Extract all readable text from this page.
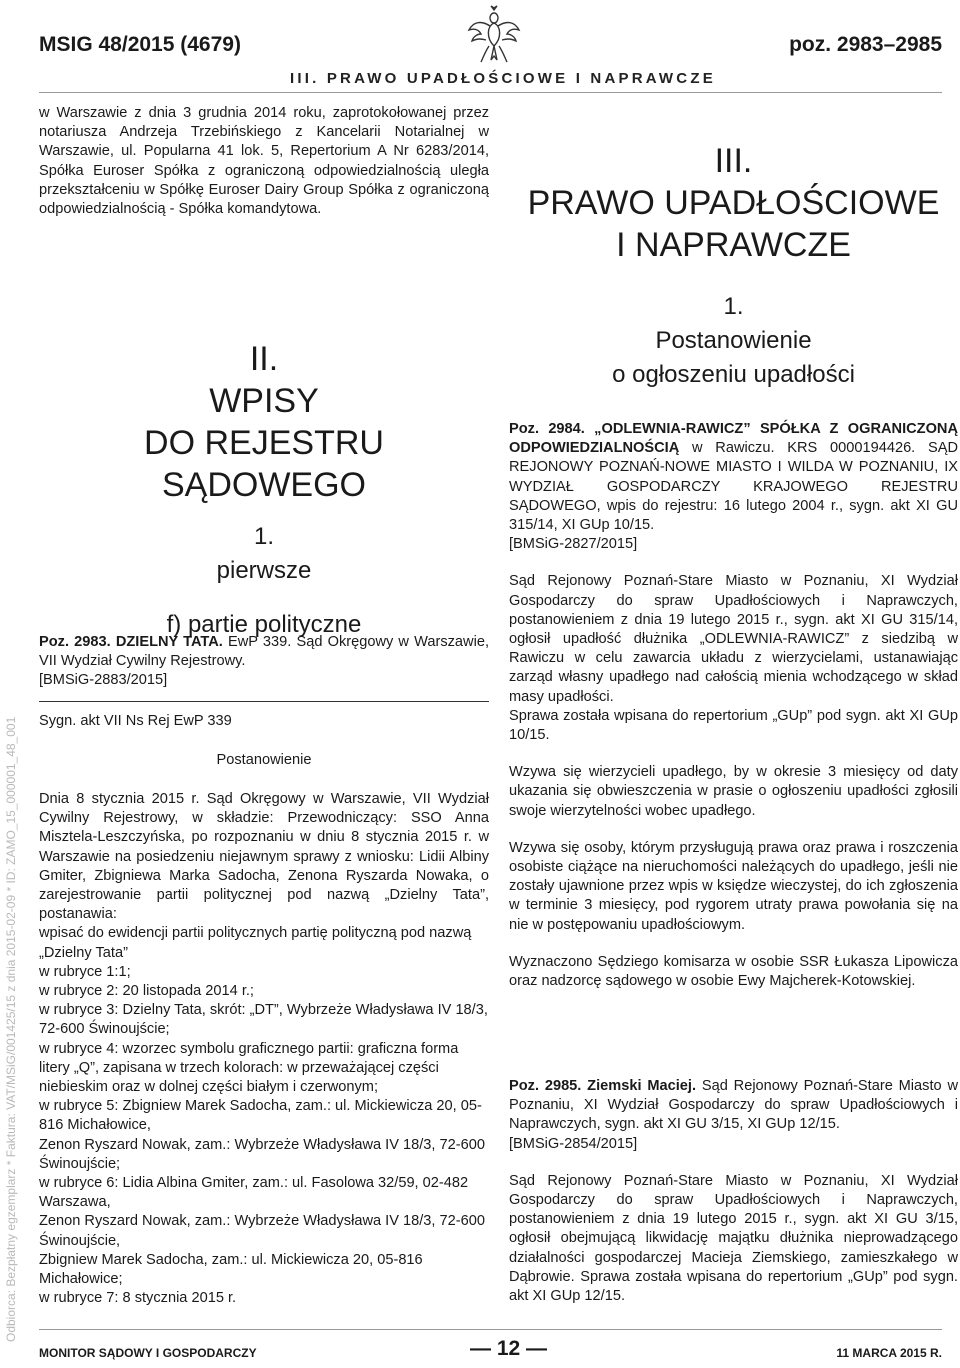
MSIG 48/2015 (4679)	poz. 2983–2985
III. PRAWO UPADŁOŚCIOWE I NAPRAWCZE
Odbiorca: Bezpłatny egzemplarz * Faktura: VAT/MSiG/001425/15 z dnia 2015-02-09 * ID: ZAMO_15_000001_48_001

w Warszawie z dnia 3 grudnia 2014 roku, zaprotokołowanej przez notariusza Andrzeja Trzebińskiego z Kancelarii Notarialnej w Warszawie, ul. Popularna 41 lok. 5, Repertorium A Nr 6283/2014, Spółka Euroser Spółka z ograniczoną odpowiedzialnością uległa przekształceniu w Spółkę Euroser Dairy Group Spółka z ograniczoną odpowiedzialnością - Spółka komandytowa.

II.
WPISY
DO REJESTRU SĄDOWEGO
1.
pierwsze
f) partie polityczne

Poz. 2983. DZIELNY TATA. EwP 339. Sąd Okręgowy w Warszawie, VII Wydział Cywilny Rejestrowy.

[BMSiG-2883/2015]

Sygn. akt VII Ns Rej EwP 339

Postanowienie

Dnia 8 stycznia 2015 r. Sąd Okręgowy w Warszawie, VII Wydział Cywilny Rejestrowy, w składzie: Przewodniczący: SSO Anna Misztela-Leszczyńska, po rozpoznaniu w dniu 8 stycznia 2015 r. w Warszawie na posiedzeniu niejawnym sprawy z wniosku: Lidii Albiny Gmiter, Zbigniewa Marka Sadocha, Zenona Ryszarda Nowaka, o zarejestrowanie partii politycznej pod nazwą „Dzielny Tata”, postanawia:

wpisać do ewidencji partii politycznych partię polityczną pod nazwą „Dzielny Tata”
w rubryce 1:1;
w rubryce 2: 20 listopada 2014 r.;
w rubryce 3: Dzielny Tata, skrót: „DT”, Wybrzeże Władysława IV 18/3, 72-600 Świnoujście;
w rubryce 4: wzorzec symbolu graficznego partii: graficzna forma litery „Q”, zapisana w trzech kolorach: w przeważającej części niebieskim oraz w dolnej części białym i czerwonym;
w rubryce 5: Zbigniew Marek Sadocha, zam.: ul. Mickiewicza 20, 05-816 Michałowice,
Zenon Ryszard Nowak, zam.: Wybrzeże Władysława IV 18/3, 72-600 Świnoujście;
w rubryce 6: Lidia Albina Gmiter, zam.: ul. Fasolowa 32/59, 02-482 Warszawa,
Zenon Ryszard Nowak, zam.: Wybrzeże Władysława IV 18/3, 72-600 Świnoujście,
Zbigniew Marek Sadocha, zam.: ul. Mickiewicza 20, 05-816 Michałowice;
w rubryce 7: 8 stycznia 2015 r.
III.
PRAWO UPADŁOŚCIOWE
I NAPRAWCZE
1.
Postanowienie
o ogłoszeniu upadłości

Poz. 2984. „ODLEWNIA-RAWICZ” SPÓŁKA Z OGRANICZONĄ ODPOWIEDZIALNOŚCIĄ w Rawiczu. KRS 0000194426. SĄD REJONOWY POZNAŃ-NOWE MIASTO I WILDA W POZNANIU, IX WYDZIAŁ GOSPODARCZY KRAJOWEGO REJESTRU SĄDOWEGO, wpis do rejestru: 16 lutego 2004 r., sygn. akt XI GU 315/14, XI GUp 10/15.

[BMSiG-2827/2015]

Sąd Rejonowy Poznań-Stare Miasto w Poznaniu, XI Wydział Gospodarczy do spraw Upadłościowych i Naprawczych, postanowieniem z dnia 19 lutego 2015 r., sygn. akt XI GU 315/14, ogłosił upadłość dłużnika „ODLEWNIA-RAWICZ” z siedzibą w Rawiczu w celu zawarcia układu z wierzycielami, ustanawiając zarząd własny upadłego nad całością mienia wchodzącego w skład masy upadłości.

Sprawa została wpisana do repertorium „GUp” pod sygn. akt XI GUp 10/15.

Wzywa się wierzycieli upadłego, by w okresie 3 miesięcy od daty ukazania się obwieszczenia w prasie o ogłoszeniu upadłości zgłosili swoje wierzytelności wobec upadłego.

Wzywa się osoby, którym przysługują prawa oraz prawa i roszczenia osobiste ciążące na nieruchomości należących do upadłego, jeśli nie zostały ujawnione przez wpis w księdze wieczystej, do ich zgłoszenia w terminie 3 miesięcy, pod rygorem utraty prawa powołania się na nie w postępowaniu upadłościowym.

Wyznaczono Sędziego komisarza w osobie SSR Łukasza Lipowicza oraz nadzorcę sądowego w osobie Ewy Majcherek-Kotowskiej.

Poz. 2985. Ziemski Maciej. Sąd Rejonowy Poznań-Stare Miasto w Poznaniu, XI Wydział Gospodarczy do spraw Upadłościowych i Naprawczych, sygn. akt XI GU 3/15, XI GUp 12/15.

[BMSiG-2854/2015]

Sąd Rejonowy Poznań-Stare Miasto w Poznaniu, XI Wydział Gospodarczy do spraw Upadłościowych i Naprawczych, postanowieniem z dnia 19 lutego 2015 r., sygn. akt XI GU 3/15, ogłosił obejmującą likwidację majątku dłużnika nieprowadzącego działalności gospodarczej Macieja Ziemskiego, zamieszkałego w Dąbrowie. Sprawa została wpisana do repertorium „GUp” pod sygn. akt XI GUp 12/15.

MONITOR SĄDOWY I GOSPODARCZY	— 12 —	11 MARCA 2015 R.
